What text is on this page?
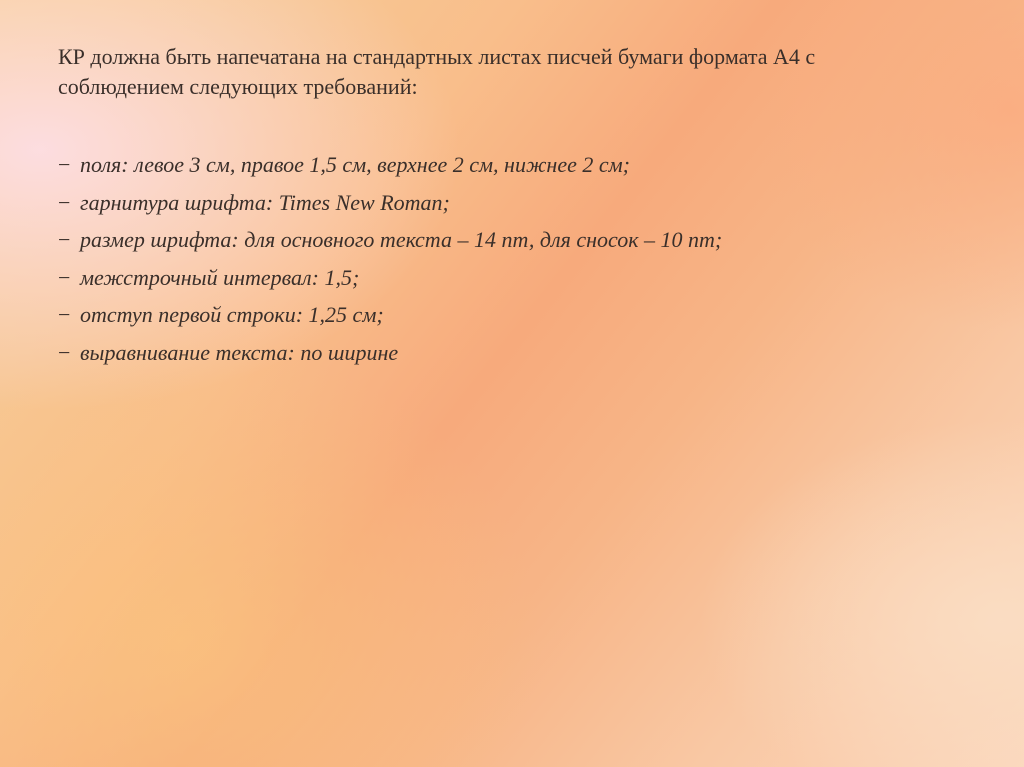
КР должна быть напечатана на стандартных листах писчей бумаги формата А4 с
соблюдением следующих требований:

− поля: левое 3 см, правое 1,5 см, верхнее 2 см, нижнее 2 см;
− гарнитура шрифта: Times New Roman;
− размер шрифта: для основного текста – 14 пт, для сносок – 10 пт;
− межстрочный интервал: 1,5;
− отступ первой строки: 1,25 см;
− выравнивание текста: по ширине
